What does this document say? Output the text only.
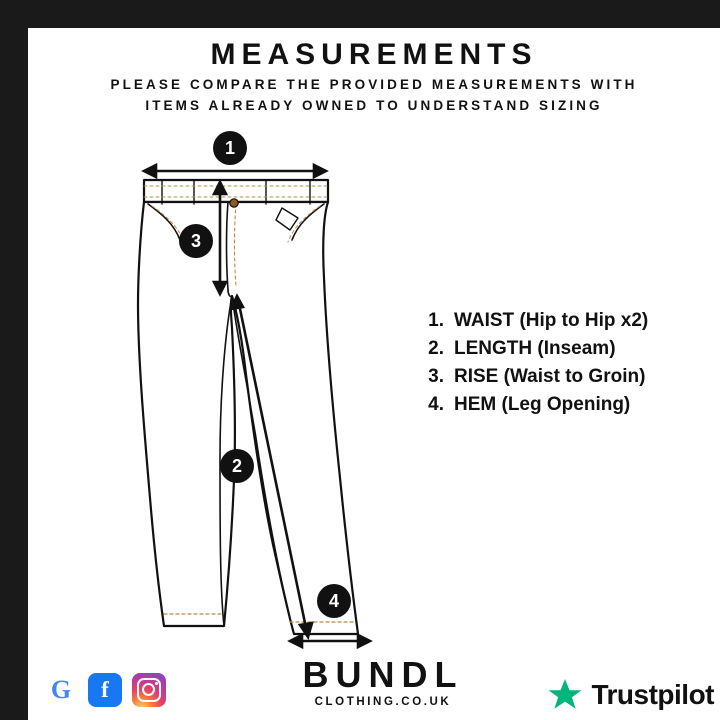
MEASUREMENTS
PLEASE COMPARE THE PROVIDED MEASUREMENTS WITH
ITEMS ALREADY OWNED TO UNDERSTAND SIZING
1
2
3
4
1. WAIST (Hip to Hip x2)
2. LENGTH (Inseam)
3. RISE (Waist to Groin)
4. HEM (Leg Opening)
G	f	BUNDL
CLOTHING.CO.UK	Trustpilot
